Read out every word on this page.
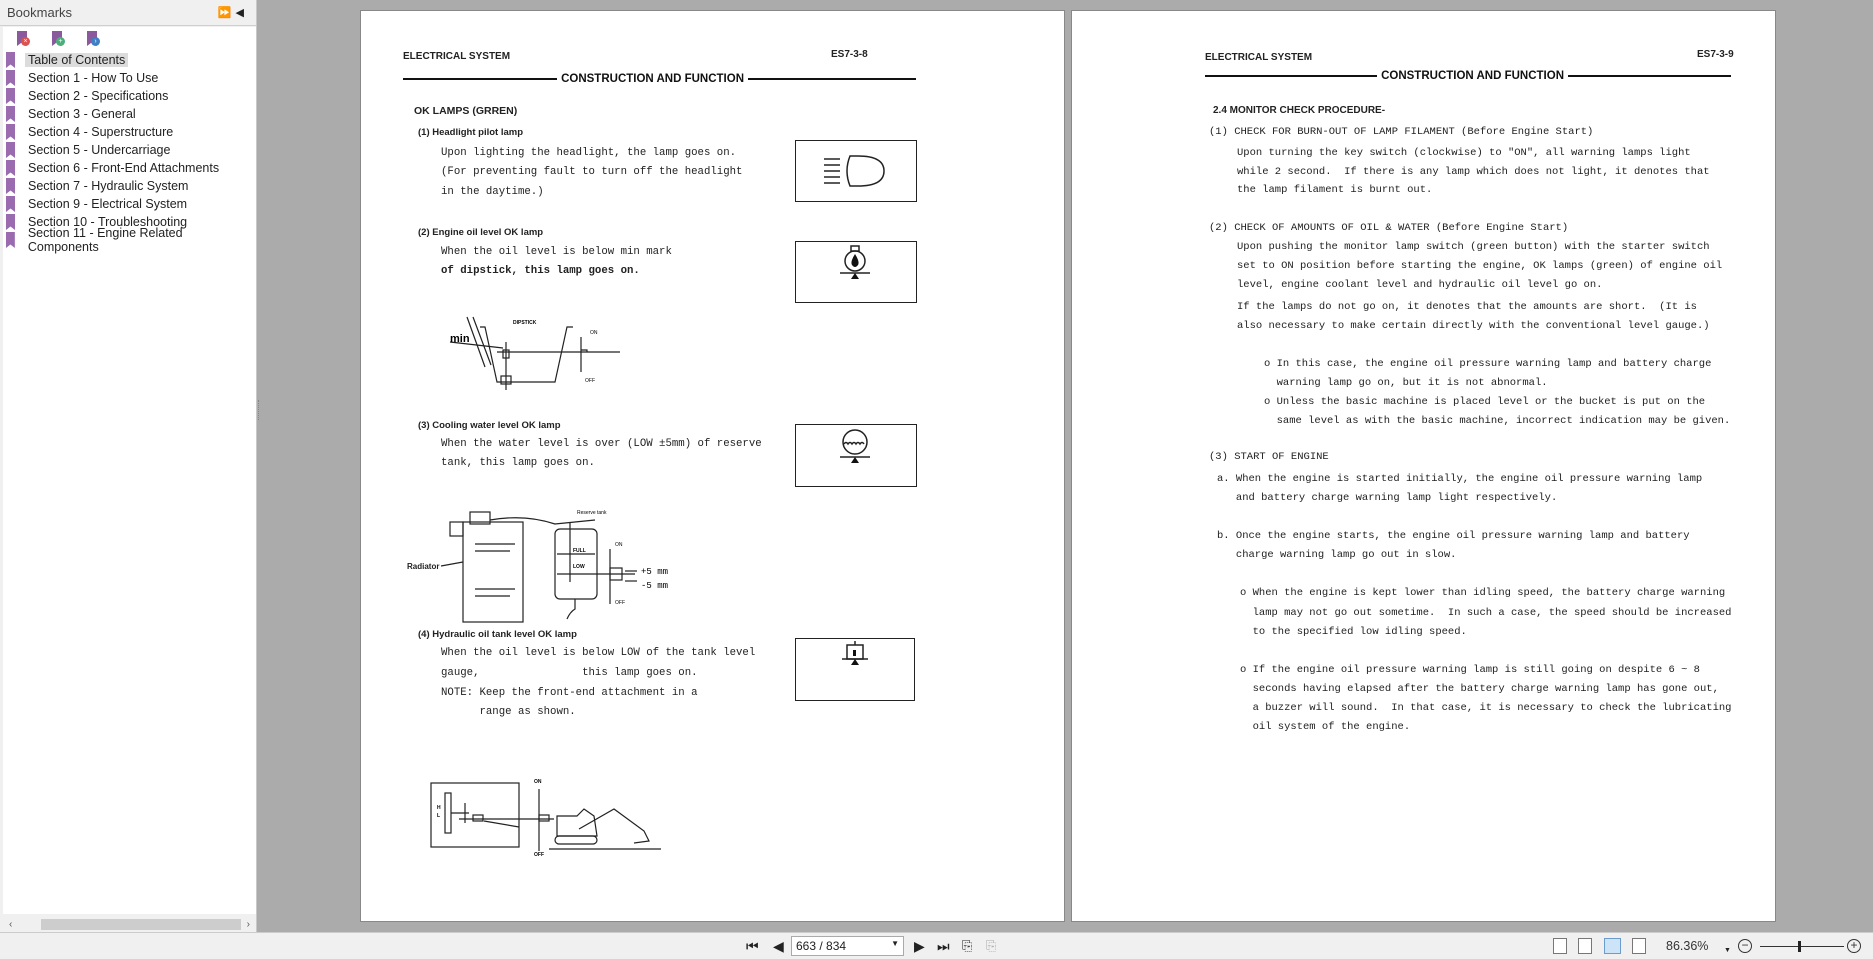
Bookmarks	⏩◀
×	+	›
Table of Contents
Section 1 - How To Use
Section 2 - Specifications
Section 3 - General
Section 4 - Superstructure
Section 5 - Undercarriage
Section 6 - Front-End Attachments
Section 7 - Hydraulic System
Section 9 - Electrical System
Section 10 - Troubleshooting
Section 11 - Engine Related Components
‹	›
ELECTRICAL SYSTEM	ES7-3-8
CONSTRUCTION AND FUNCTION
OK LAMPS (GRREN)
(1) Headlight pilot lamp
Upon lighting the headlight, the lamp goes on.
(For preventing fault to turn off the headlight
in the daytime.)
(2) Engine oil level OK lamp
When the oil level is below min mark
of dipstick, this lamp goes on.
DIPSTICK
min	ON
OFF
(3) Cooling water level OK lamp
When the water level is over (LOW ±5mm) of reserve
tank, this lamp goes on.
Reserve tank
Radiator
FULL
LOW
ON
OFF
+5 mm
-5 mm
(4) Hydraulic oil tank level OK lamp
When the oil level is below LOW of the tank level
gauge,                this lamp goes on.
NOTE: Keep the front-end attachment in a
range as shown.
H
L
ON
OFF
ELECTRICAL SYSTEM	ES7-3-9
CONSTRUCTION AND FUNCTION
2.4 MONITOR CHECK PROCEDURE-
(1) CHECK FOR BURN-OUT OF LAMP FILAMENT (Before Engine Start)
(2) CHECK OF AMOUNTS OF OIL & WATER (Before Engine Start)
(3) START OF ENGINE
Upon turning the key switch (clockwise) to "ON", all warning lamps light
while 2 second.  If there is any lamp which does not light, it denotes that
the lamp filament is burnt out.
Upon pushing the monitor lamp switch (green button) with the starter switch
set to ON position before starting the engine, OK lamps (green) of engine oil
level, engine coolant level and hydraulic oil level go on.
If the lamps do not go on, it denotes that the amounts are short.  (It is
also necessary to make certain directly with the conventional level gauge.)
o In this case, the engine oil pressure warning lamp and battery charge
warning lamp go on, but it is not abnormal.
o Unless the basic machine is placed level or the bucket is put on the
same level as with the basic machine, incorrect indication may be given.
a. When the engine is started initially, the engine oil pressure warning lamp
and battery charge warning lamp light respectively.
b. Once the engine starts, the engine oil pressure warning lamp and battery
charge warning lamp go out in slow.
o When the engine is kept lower than idling speed, the battery charge warning
lamp may not go out sometime.  In such a case, the speed should be increased
to the specified low idling speed.
o If the engine oil pressure warning lamp is still going on despite 6 ~ 8
seconds having elapsed after the battery charge warning lamp has gone out,
a buzzer will sound.  In that case, it is necessary to check the lubricating
oil system of the engine.
⏮ ◀	663 / 834	▼ ▶ ⏭ ⎘ ⎘	86.36% ▼ −	+
